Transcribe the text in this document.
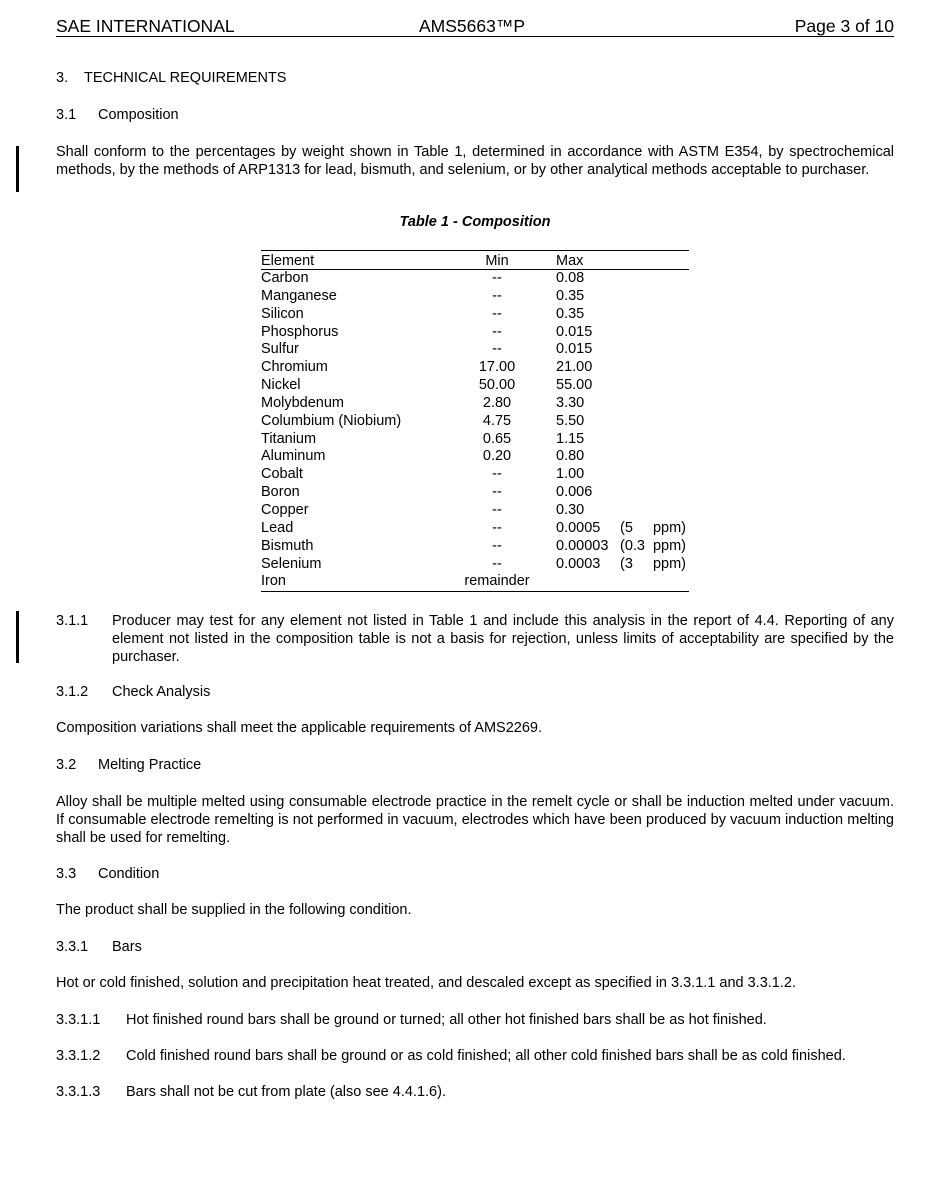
SAE INTERNATIONAL	AMS5663™P	Page 3 of 10
3. TECHNICAL REQUIREMENTS
3.1 Composition
Shall conform to the percentages by weight shown in Table 1, determined in accordance with ASTM E354, by spectrochemical methods, by the methods of ARP1313 for lead, bismuth, and selenium, or by other analytical methods acceptable to purchaser.
Table 1 - Composition
Element	Min	Max
Carbon	--	0.08
Manganese	--	0.35
Silicon	--	0.35
Phosphorus	--	0.015
Sulfur	--	0.015
Chromium	17.00	21.00
Nickel	50.00	55.00
Molybdenum	2.80	3.30
Columbium (Niobium)	4.75	5.50
Titanium	0.65	1.15
Aluminum	0.20	0.80
Cobalt	--	1.00
Boron	--	0.006
Copper	--	0.30
Lead	--	0.0005 (5 ppm)
Bismuth	--	0.00003 (0.3 ppm)
Selenium	--	0.0003 (3 ppm)
Iron	remainder
3.1.1 Producer may test for any element not listed in Table 1 and include this analysis in the report of 4.4. Reporting of any element not listed in the composition table is not a basis for rejection, unless limits of acceptability are specified by the purchaser.
3.1.2 Check Analysis
Composition variations shall meet the applicable requirements of AMS2269.
3.2 Melting Practice
Alloy shall be multiple melted using consumable electrode practice in the remelt cycle or shall be induction melted under vacuum. If consumable electrode remelting is not performed in vacuum, electrodes which have been produced by vacuum induction melting shall be used for remelting.
3.3 Condition
The product shall be supplied in the following condition.
3.3.1 Bars
Hot or cold finished, solution and precipitation heat treated, and descaled except as specified in 3.3.1.1 and 3.3.1.2.
3.3.1.1 Hot finished round bars shall be ground or turned; all other hot finished bars shall be as hot finished.
3.3.1.2 Cold finished round bars shall be ground or as cold finished; all other cold finished bars shall be as cold finished.
3.3.1.3 Bars shall not be cut from plate (also see 4.4.1.6).
